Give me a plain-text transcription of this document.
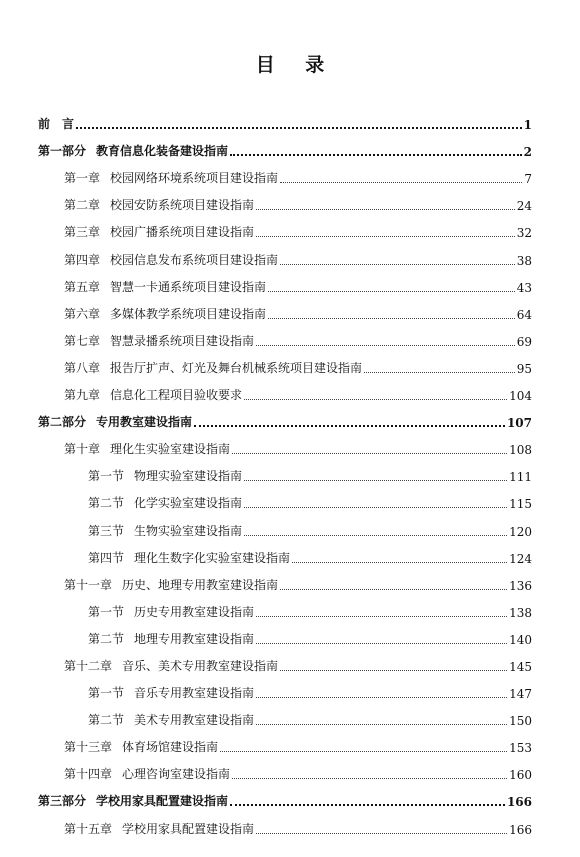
目 录
前　言	1
第一部分 教育信息化装备建设指南	2
第一章 校园网络环境系统项目建设指南	7
第二章 校园安防系统项目建设指南	24
第三章 校园广播系统项目建设指南	32
第四章 校园信息发布系统项目建设指南	38
第五章 智慧一卡通系统项目建设指南	43
第六章 多媒体教学系统项目建设指南	64
第七章 智慧录播系统项目建设指南	69
第八章 报告厅扩声、灯光及舞台机械系统项目建设指南	95
第九章 信息化工程项目验收要求	104
第二部分 专用教室建设指南	107
第十章 理化生实验室建设指南	108
第一节 物理实验室建设指南	111
第二节 化学实验室建设指南	115
第三节 生物实验室建设指南	120
第四节 理化生数字化实验室建设指南	124
第十一章 历史、地理专用教室建设指南	136
第一节 历史专用教室建设指南	138
第二节 地理专用教室建设指南	140
第十二章 音乐、美术专用教室建设指南	145
第一节 音乐专用教室建设指南	147
第二节 美术专用教室建设指南	150
第十三章 体育场馆建设指南	153
第十四章 心理咨询室建设指南	160
第三部分 学校用家具配置建设指南	166
第十五章 学校用家具配置建设指南	166
